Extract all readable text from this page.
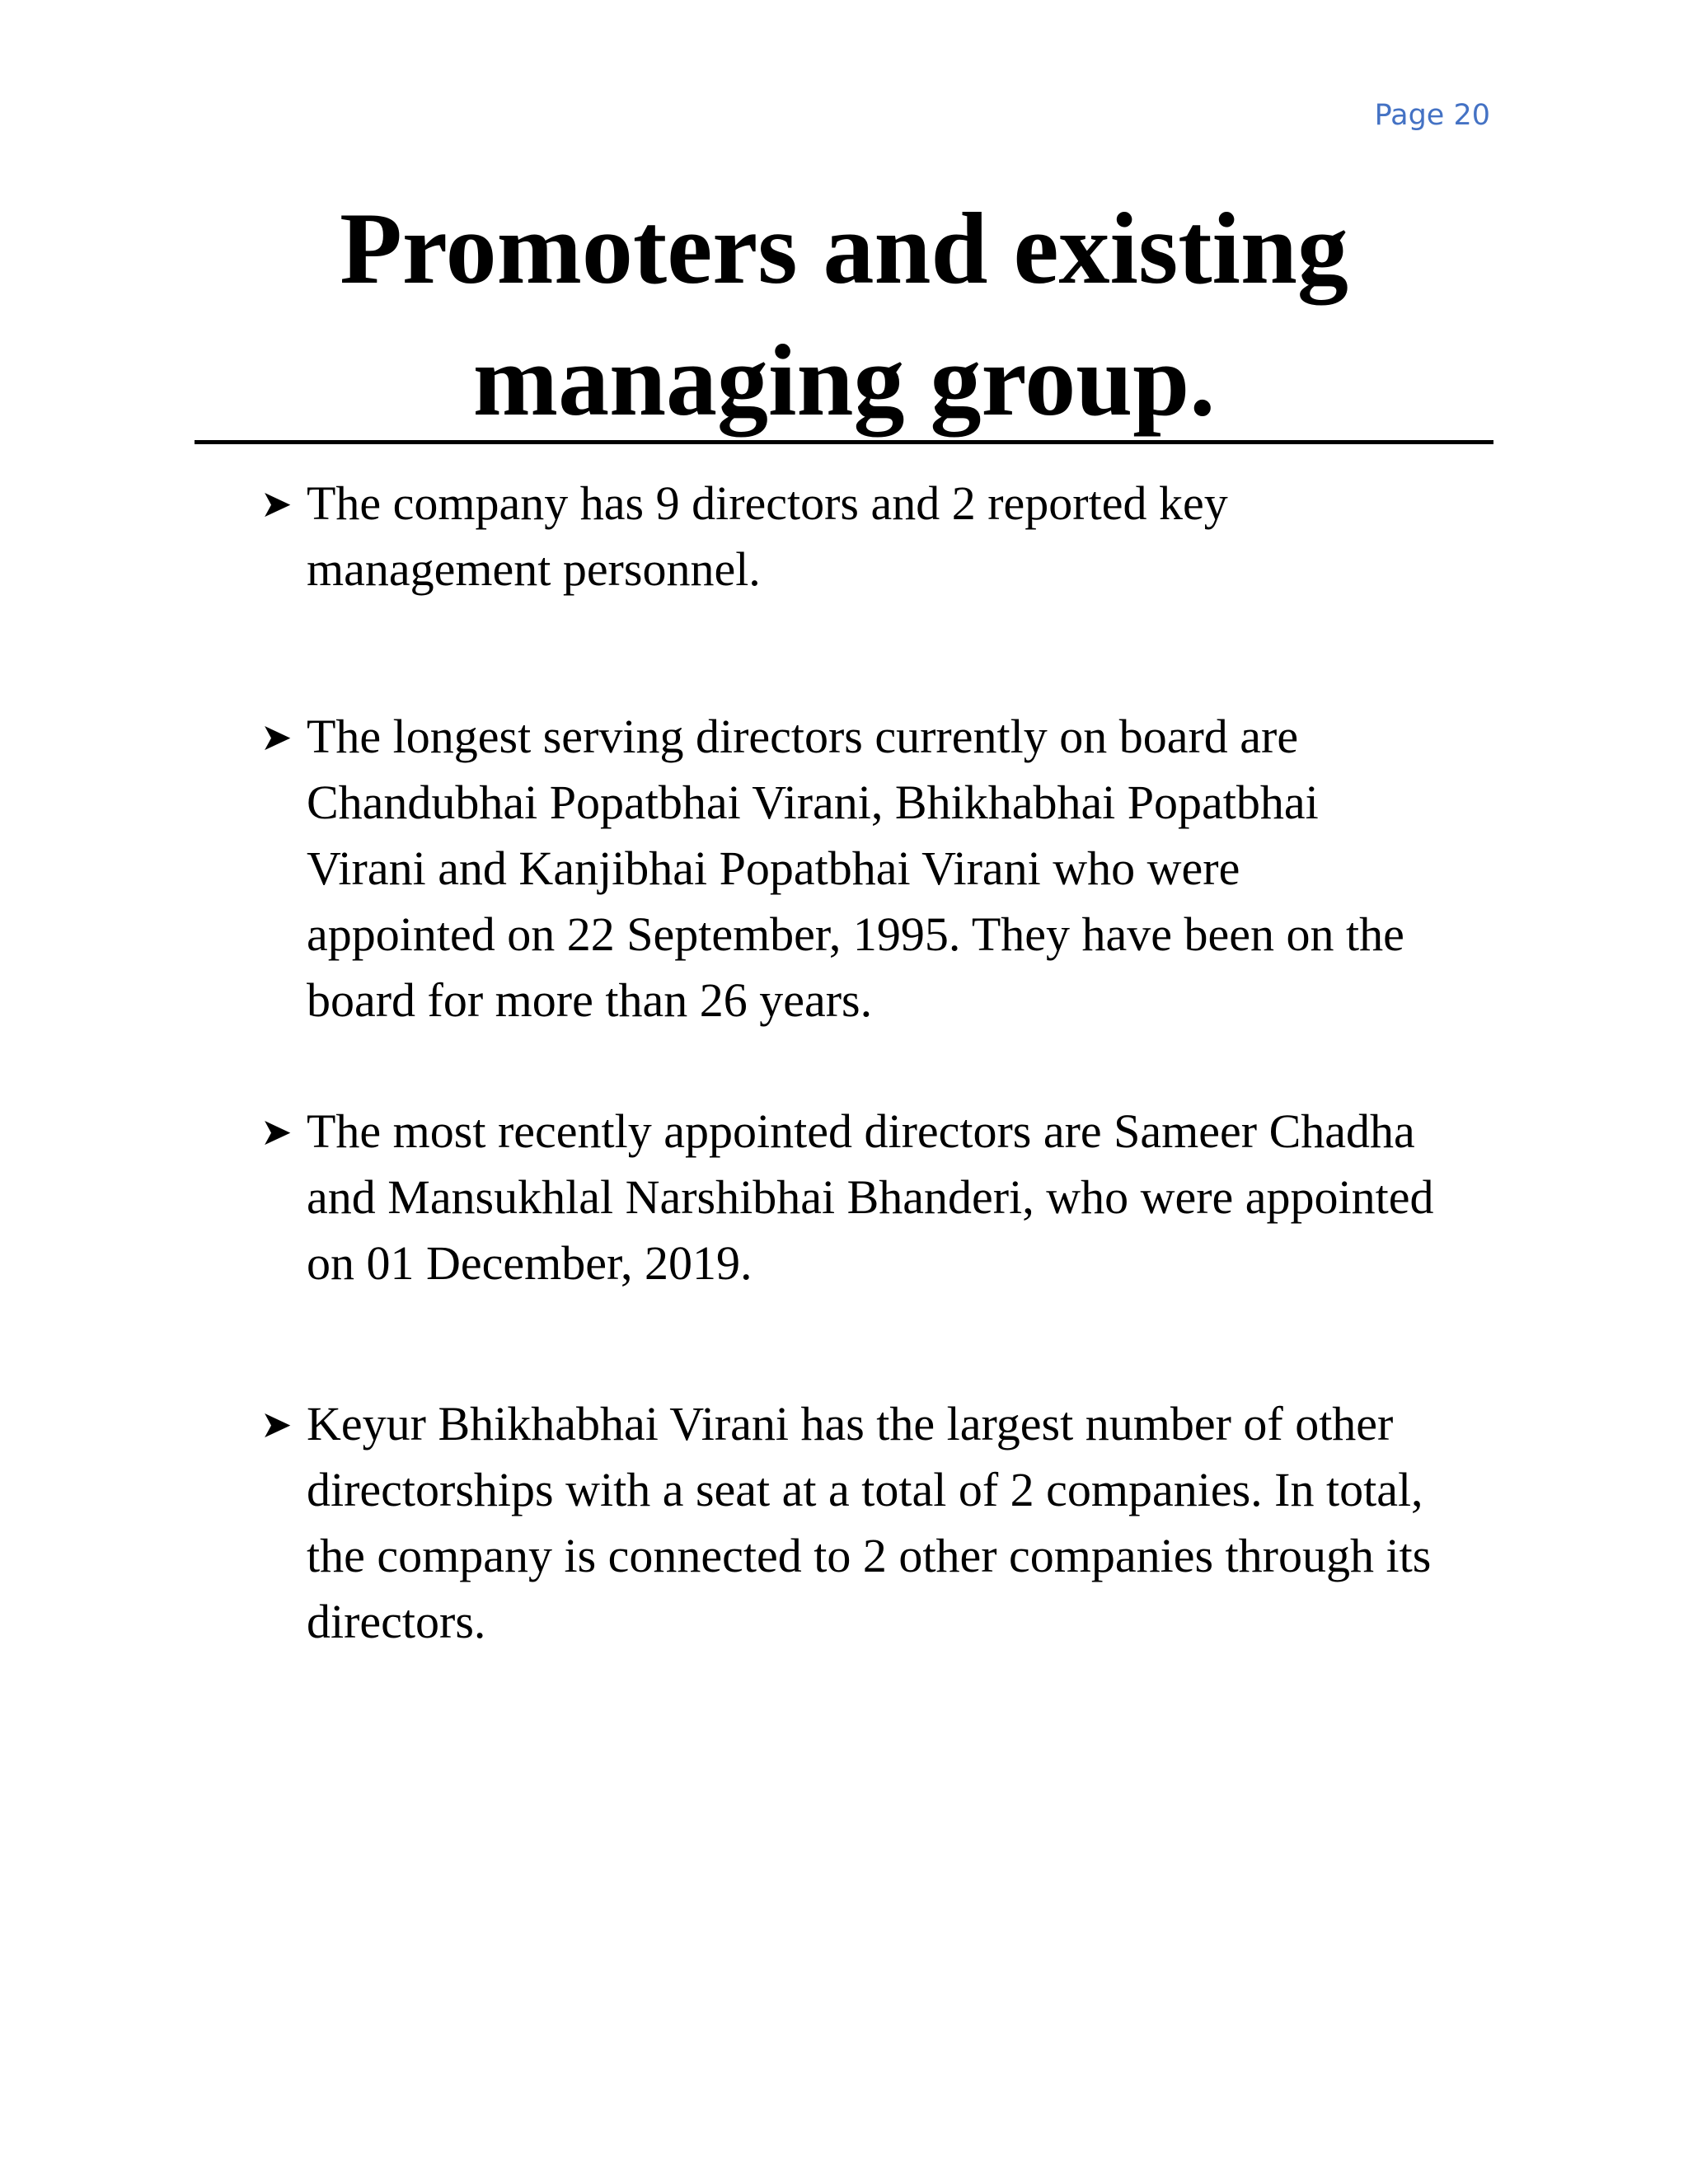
Page 20
Promoters and existing
managing group.
➤ The company has 9 directors and 2 reported key
management personnel.
➤ The longest serving directors currently on board are
Chandubhai Popatbhai Virani, Bhikhabhai Popatbhai
Virani and Kanjibhai Popatbhai Virani who were
appointed on 22 September, 1995. They have been on the
board for more than 26 years.
➤ The most recently appointed directors are Sameer Chadha
and Mansukhlal Narshibhai Bhanderi, who were appointed
on 01 December, 2019.
➤ Keyur Bhikhabhai Virani has the largest number of other
directorships with a seat at a total of 2 companies. In total,
the company is connected to 2 other companies through its
directors.
